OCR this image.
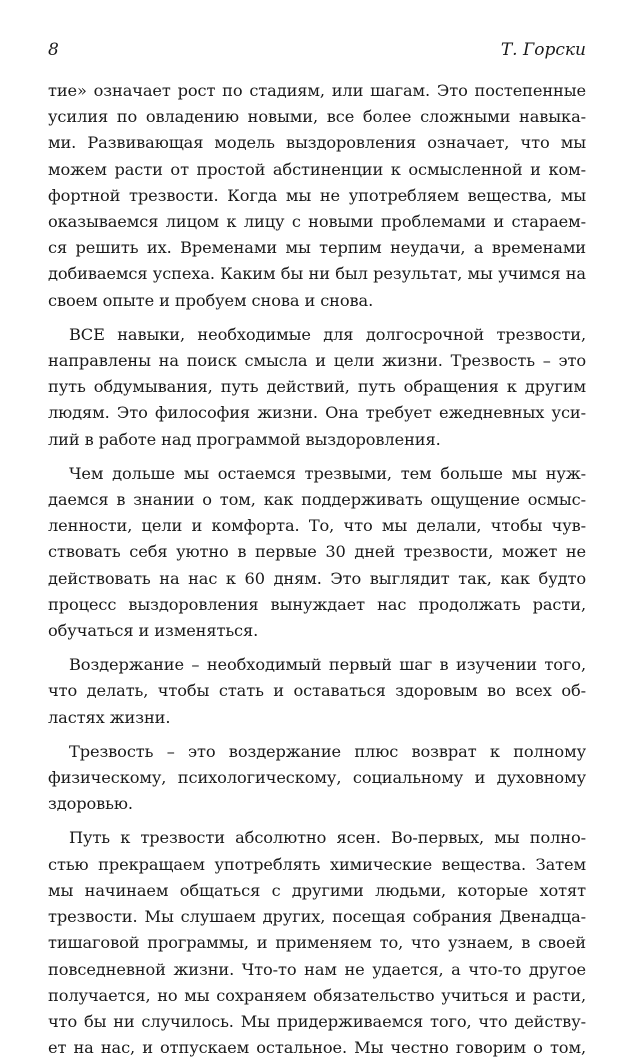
8	Т. Горски

тие» означает рост по стадиям, или шагам. Это постепенные
усилия по овладению новыми, все более сложными навыка-
ми. Развивающая модель выздоровления означает, что мы
можем расти от простой абстиненции к осмысленной и ком-
фортной трезвости. Когда мы не употребляем вещества, мы
оказываемся лицом к лицу с новыми проблемами и стараем-
ся решить их. Временами мы терпим неудачи, а временами
добиваемся успеха. Каким бы ни был результат, мы учимся на
своем опыте и пробуем снова и снова.

ВСЕ навыки, необходимые для долгосрочной трезвости,
направлены на поиск смысла и цели жизни. Трезвость – это
путь обдумывания, путь действий, путь обращения к другим
людям. Это философия жизни. Она требует ежедневных уси-
лий в работе над программой выздоровления.

Чем дольше мы остаемся трезвыми, тем больше мы нуж-
даемся в знании о том, как поддерживать ощущение осмыс-
ленности, цели и комфорта. То, что мы делали, чтобы чув-
ствовать себя уютно в первые 30 дней трезвости, может не
действовать на нас к 60 дням. Это выглядит так, как будто
процесс выздоровления вынуждает нас продолжать расти,
обучаться и изменяться.

Воздержание – необходимый первый шаг в изучении того,
что делать, чтобы стать и оставаться здоровым во всех об-
ластях жизни.

Трезвость – это воздержание плюс возврат к полному
физическому, психологическому, социальному и духовному
здоровью.

Путь к трезвости абсолютно ясен. Во-первых, мы полно-
стью прекращаем употреблять химические вещества. Затем
мы начинаем общаться с другими людьми, которые хотят
трезвости. Мы слушаем других, посещая собрания Двенадца-
тишаговой программы, и применяем то, что узнаем, в своей
повседневной жизни. Что-то нам не удается, а что-то другое
получается, но мы сохраняем обязательство учиться и расти,
что бы ни случилось. Мы придерживаемся того, что действу-
ет на нас, и отпускаем остальное. Мы честно говорим о том,
